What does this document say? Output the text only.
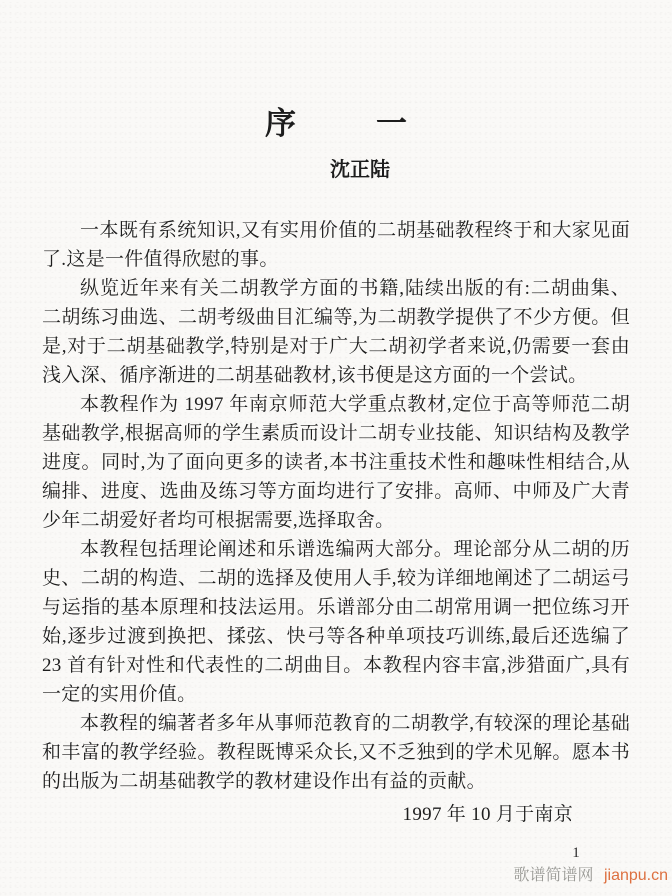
序	一
沈正陆

一本既有系统知识,又有实用价值的二胡基础教程终于和大家见面了.这是一件值得欣慰的事。

纵览近年来有关二胡教学方面的书籍,陆续出版的有:二胡曲集、二胡练习曲选、二胡考级曲目汇编等,为二胡教学提供了不少方便。但是,对于二胡基础教学,特别是对于广大二胡初学者来说,仍需要一套由浅入深、循序渐进的二胡基础教材,该书便是这方面的一个尝试。

本教程作为 1997 年南京师范大学重点教材,定位于高等师范二胡基础教学,根据高师的学生素质而设计二胡专业技能、知识结构及教学进度。同时,为了面向更多的读者,本书注重技术性和趣味性相结合,从编排、进度、选曲及练习等方面均进行了安排。高师、中师及广大青少年二胡爱好者均可根据需要,选择取舍。

本教程包括理论阐述和乐谱选编两大部分。理论部分从二胡的历史、二胡的构造、二胡的选择及使用人手,较为详细地阐述了二胡运弓与运指的基本原理和技法运用。乐谱部分由二胡常用调一把位练习开始,逐步过渡到换把、揉弦、快弓等各种单项技巧训练,最后还选编了 23 首有针对性和代表性的二胡曲目。本教程内容丰富,涉猎面广,具有一定的实用价值。

本教程的编著者多年从事师范教育的二胡教学,有较深的理论基础和丰富的教学经验。教程既博采众长,又不乏独到的学术见解。愿本书的出版为二胡基础教学的教材建设作出有益的贡献。

1997 年 10 月于南京
1
歌谱简谱网 jianpu.cn
